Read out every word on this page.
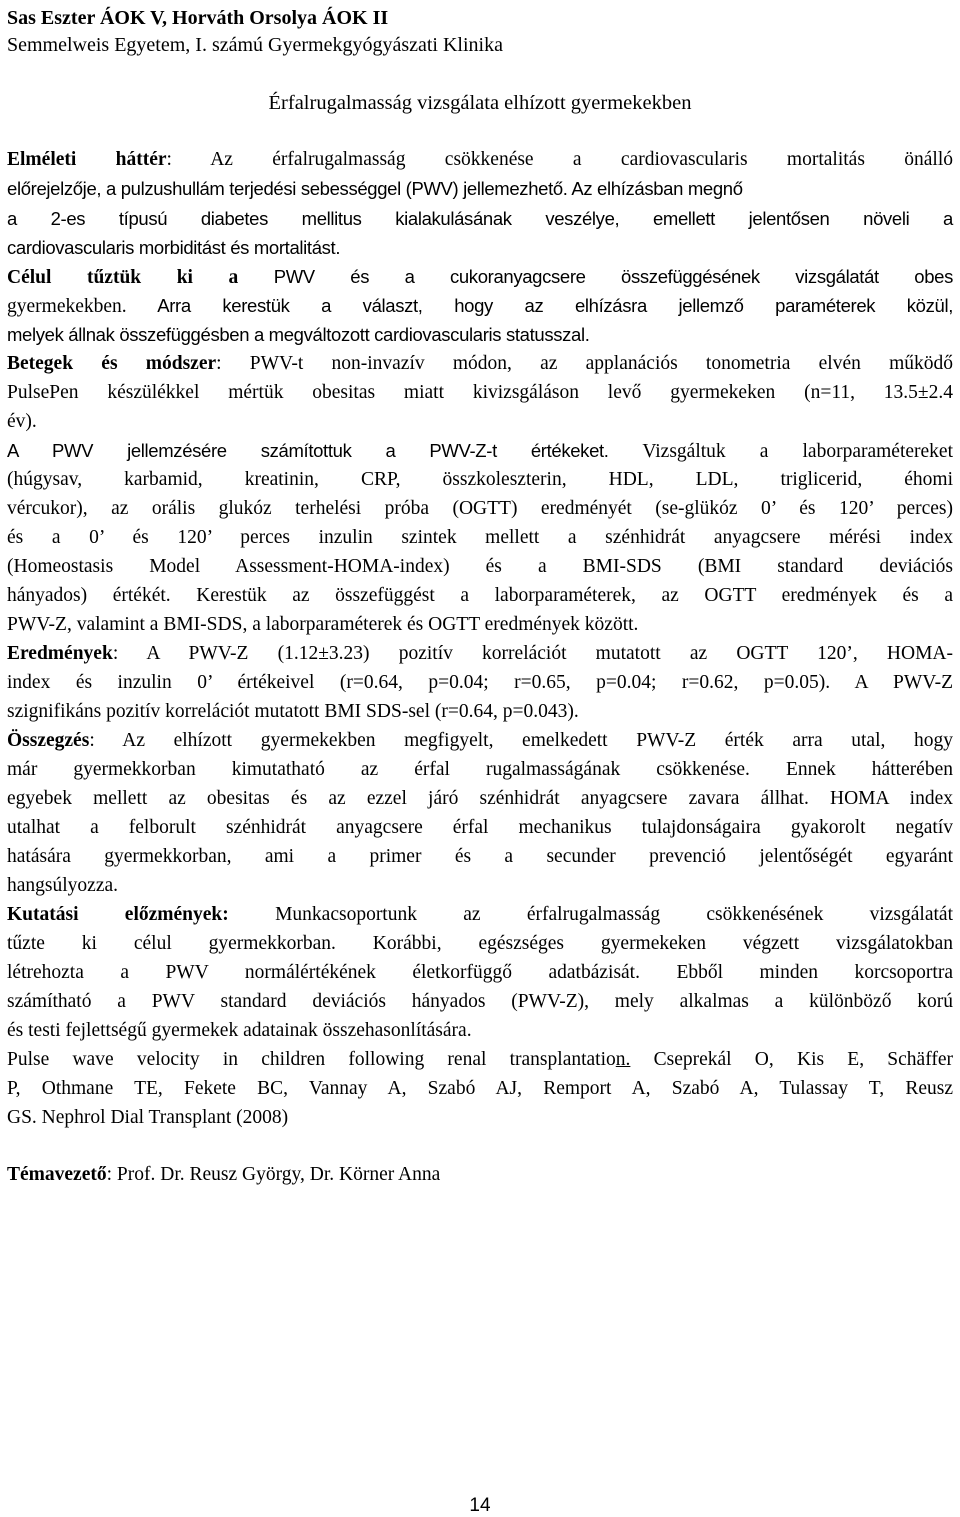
Sas Eszter ÁOK V, Horváth Orsolya ÁOK II
Semmelweis Egyetem, I. számú Gyermekgyógyászati Klinika
Érfalrugalmasság vizsgálata elhízott gyermekekben
Elméleti háttér: Az érfalrugalmasság csökkenése a cardiovascularis mortalitás önálló
előrejelzője, a pulzushullám terjedési sebességgel (PWV) jellemezhető. Az elhízásban megnő
a 2-es típusú diabetes mellitus kialakulásának veszélye, emellett jelentősen növeli a
cardiovascularis morbiditást és mortalitást.
Célul tűztük ki a PWV és a cukoranyagcsere összefüggésének vizsgálatát obes
gyermekekben. Arra kerestük a választ, hogy az elhízásra jellemző paraméterek közül,
melyek állnak összefüggésben a megváltozott cardiovascularis statusszal.
Betegek és módszer: PWV-t non-invazív módon, az applanációs tonometria elvén működő
PulsePen készülékkel mértük obesitas miatt kivizsgáláson levő gyermekeken (n=11, 13.5±2.4
év).
A PWV jellemzésére számítottuk a PWV-Z-t értékeket. Vizsgáltuk a laborparamétereket
(húgysav, karbamid, kreatinin, CRP, összkoleszterin, HDL, LDL, triglicerid, éhomi
vércukor), az orális glukóz terhelési próba (OGTT) eredményét (se-glükóz 0’ és 120’ perces)
és a 0’ és 120’ perces inzulin szintek mellett a szénhidrát anyagcsere mérési index
(Homeostasis Model Assessment-HOMA-index) és a BMI-SDS (BMI standard deviációs
hányados) értékét. Kerestük az összefüggést a laborparaméterek, az OGTT eredmények és a
PWV-Z, valamint a BMI-SDS, a laborparaméterek és OGTT eredmények között.
Eredmények: A PWV-Z (1.12±3.23) pozitív korrelációt mutatott az OGTT 120’, HOMA-
index és inzulin 0’ értékeivel (r=0.64, p=0.04; r=0.65, p=0.04; r=0.62, p=0.05). A PWV-Z
szignifikáns pozitív korrelációt mutatott BMI SDS-sel (r=0.64, p=0.043).
Összegzés: Az elhízott gyermekekben megfigyelt, emelkedett PWV-Z érték arra utal, hogy
már gyermekkorban kimutatható az érfal rugalmasságának csökkenése. Ennek hátterében
egyebek mellett az obesitas és az ezzel járó szénhidrát anyagcsere zavara állhat. HOMA index
utalhat a felborult szénhidrát anyagcsere érfal mechanikus tulajdonságaira gyakorolt negatív
hatására gyermekkorban, ami a primer és a secunder prevenció jelentőségét egyaránt
hangsúlyozza.
Kutatási előzmények: Munkacsoportunk az érfalrugalmasság csökkenésének vizsgálatát
tűzte ki célul gyermekkorban. Korábbi, egészséges gyermekeken végzett vizsgálatokban
létrehozta a PWV normálértékének életkorfüggő adatbázisát. Ebből minden korcsoportra
számítható a PWV standard deviációs hányados (PWV-Z), mely alkalmas a különböző korú
és testi fejlettségű gyermekek adatainak összehasonlítására.
Pulse wave velocity in children following renal transplantation. Cseprekál O, Kis E, Schäffer
P, Othmane TE, Fekete BC, Vannay A, Szabó AJ, Remport A, Szabó A, Tulassay T, Reusz
GS. Nephrol Dial Transplant (2008)
Témavezető: Prof. Dr. Reusz György, Dr. Körner Anna
14
